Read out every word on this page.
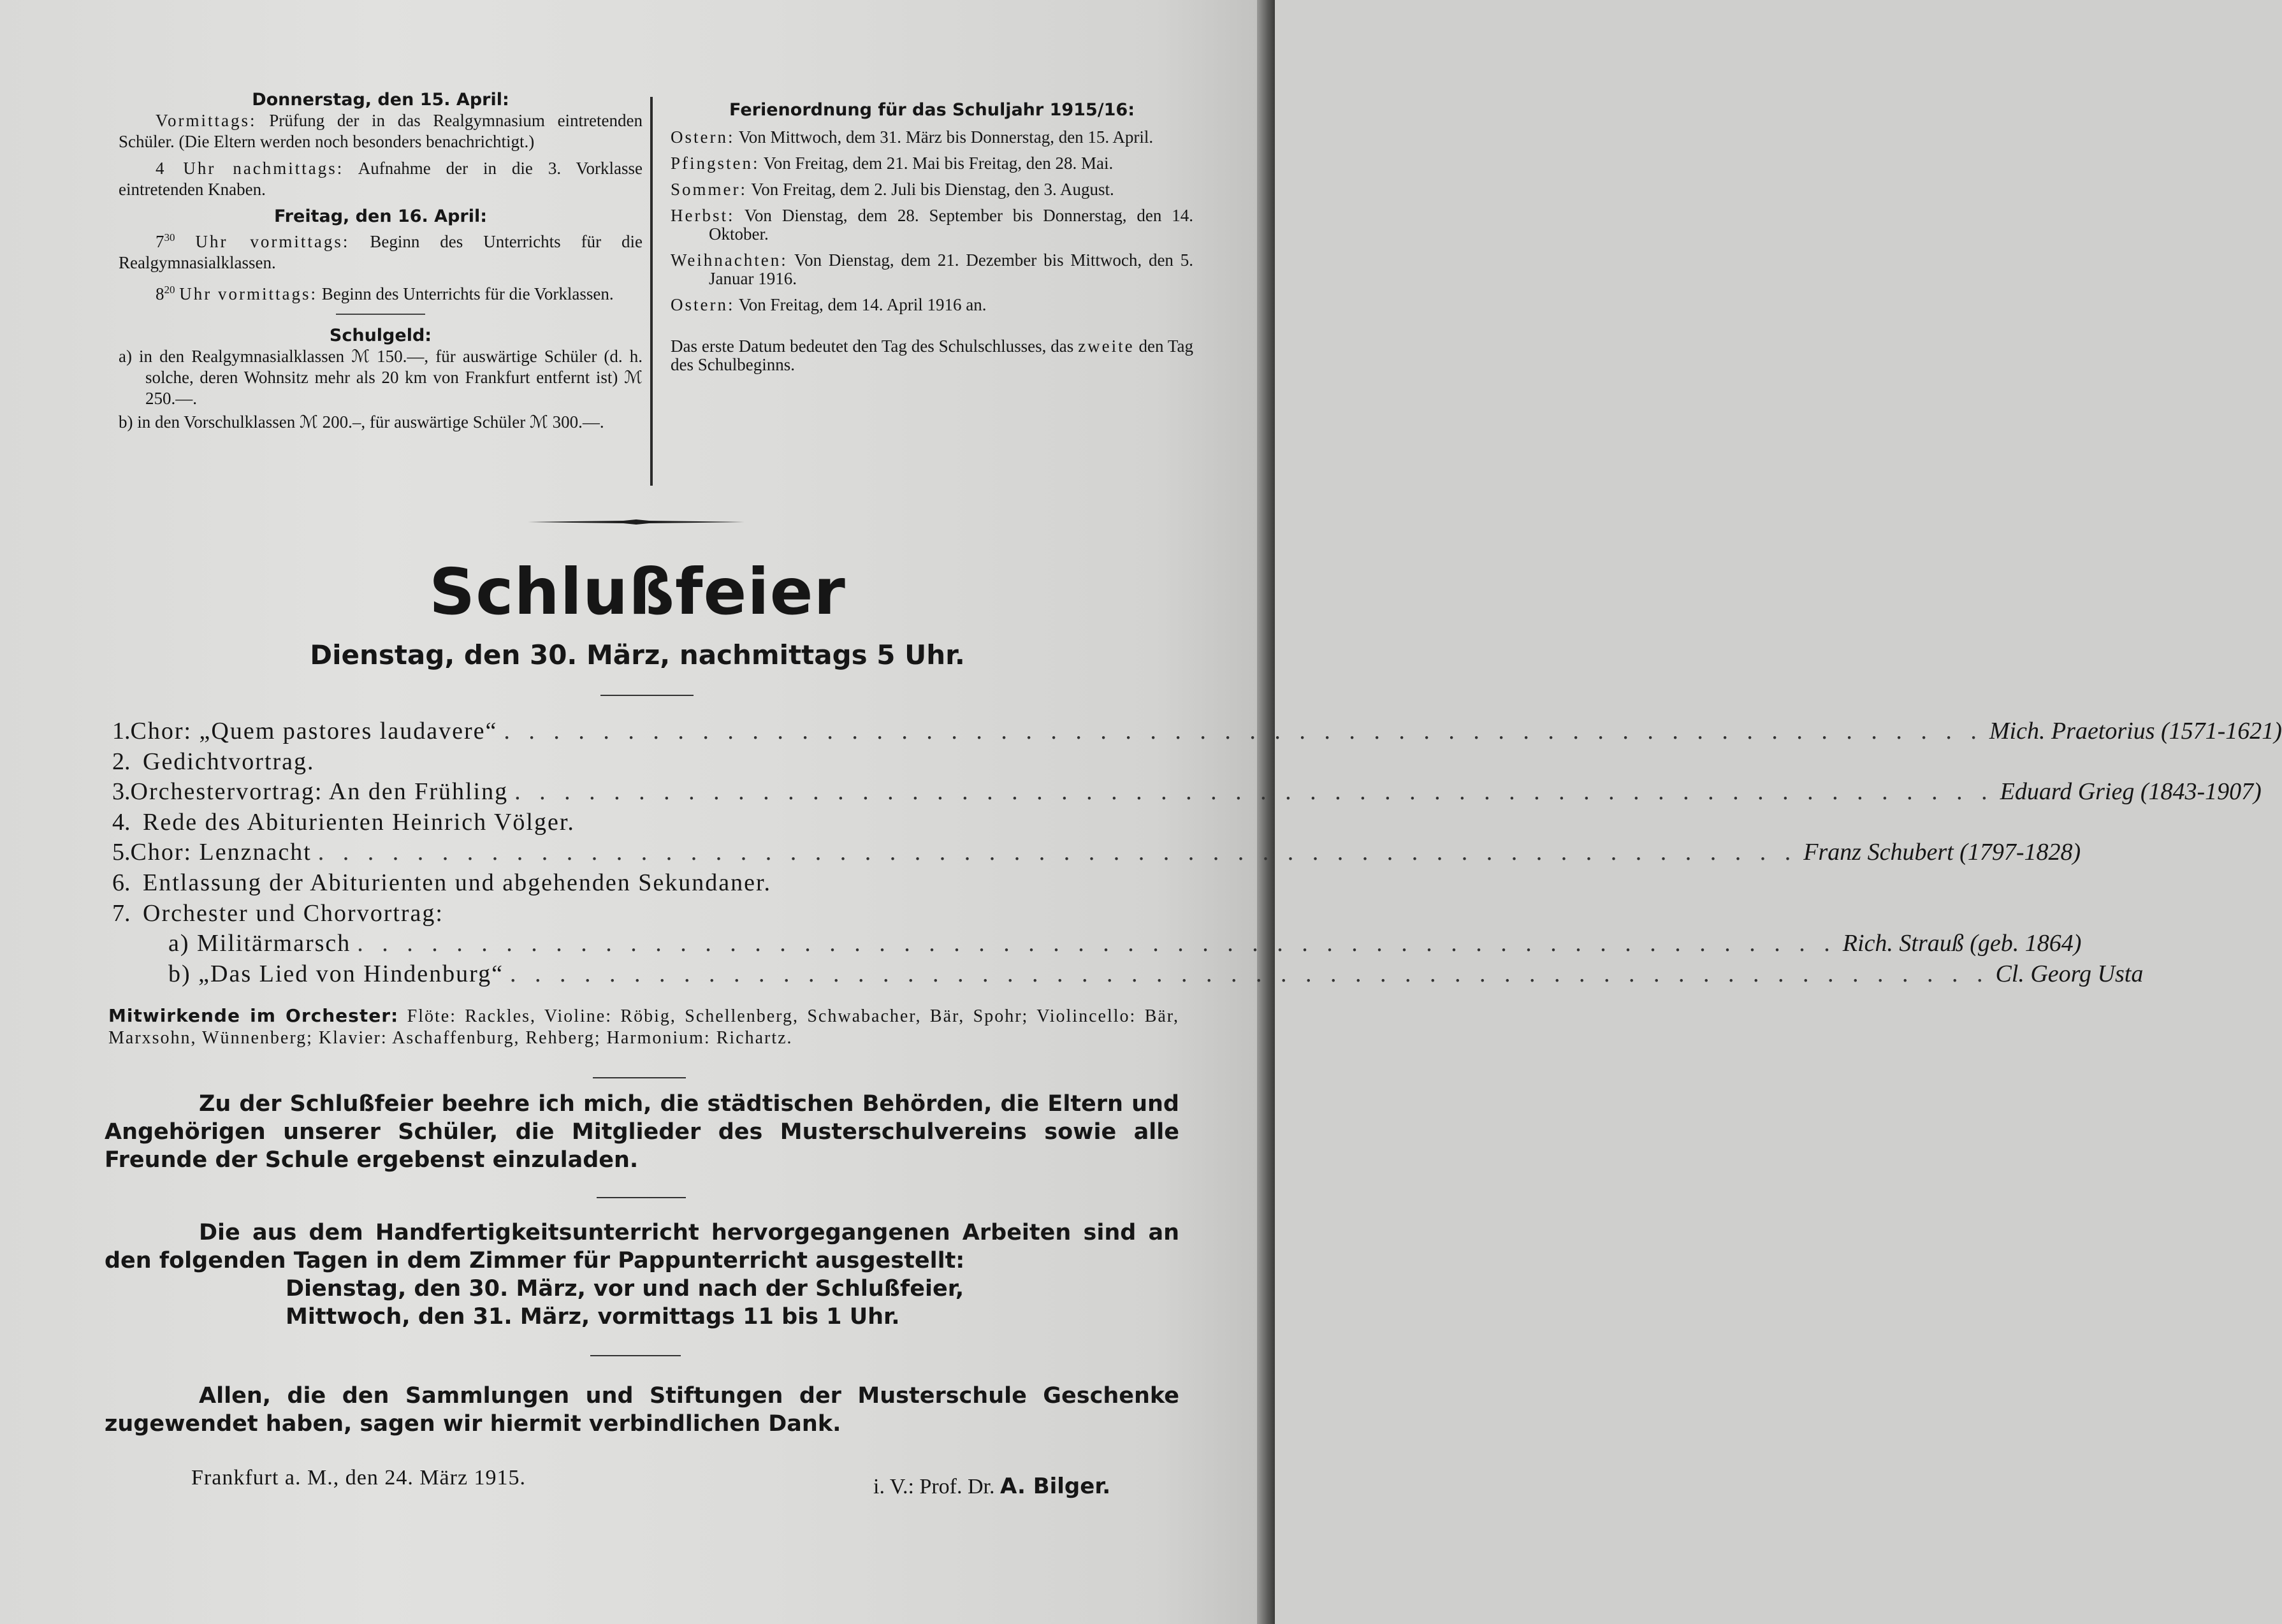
Donnerstag, den 15. April:

Vormittags: Prüfung der in das Realgymnasium eintretenden Schüler. (Die Eltern werden noch besonders benachrichtigt.)

4 Uhr nachmittags: Aufnahme der in die 3. Vorklasse eintretenden Knaben.

Freitag, den 16. April:

$7^{30}$ Uhr vormittags: Beginn des Unterrichts für die Realgymnasialklassen.

$8^{20}$ Uhr vormittags: Beginn des Unterrichts für die Vorklassen.

Schulgeld:

a) in den Realgymnasialklassen ℳ 150.—, für auswärtige Schüler (d. h. solche, deren Wohnsitz mehr als 20 km von Frankfurt entfernt ist) ℳ 250.—.

b) in den Vorschulklassen ℳ 200.–, für auswärtige Schüler ℳ 300.—.

Ferienordnung für das Schuljahr 1915/16:

Ostern: Von Mittwoch, dem 31. März bis Donnerstag, den 15. April.

Pfingsten: Von Freitag, dem 21. Mai bis Freitag, den 28. Mai.

Sommer: Von Freitag, dem 2. Juli bis Dienstag, den 3. August.

Herbst: Von Dienstag, dem 28. September bis Donnerstag, den 14. Oktober.

Weihnachten: Von Dienstag, dem 21. Dezember bis Mittwoch, den 5. Januar 1916.

Ostern: Von Freitag, dem 14. April 1916 an.

Das erste Datum bedeutet den Tag des Schulschlusses, das zweite den Tag des Schulbeginns.

Schlußfeier
Dienstag, den 30. März, nachmittags 5 Uhr.
1. Chor: „Quem pastores laudavere“ . . . . . . . . . . . . . . . . . . . . . . . . . . . . . . . . . . . . . . . . . . . . . . . . . . . . . . . . . . . . Mich. Praetorius (1571-1621)
2. Gedichtvortrag.
3. Orchestervortrag: An den Frühling . . . . . . . . . . . . . . . . . . . . . . . . . . . . . . . . . . . . . . . . . . . . . . . . . . . . . . . . . . . . Eduard Grieg (1843-1907)
4. Rede des Abiturienten Heinrich Völger.
5. Chor: Lenznacht . . . . . . . . . . . . . . . . . . . . . . . . . . . . . . . . . . . . . . . . . . . . . . . . . . . . . . . . . . . . Franz Schubert (1797-1828)
6. Entlassung der Abiturienten und abgehenden Sekundaner.
7. Orchester und Chorvortrag:
a) Militärmarsch . . . . . . . . . . . . . . . . . . . . . . . . . . . . . . . . . . . . . . . . . . . . . . . . . . . . . . . . . . . . Rich. Strauß (geb. 1864)
b) „Das Lied von Hindenburg“ . . . . . . . . . . . . . . . . . . . . . . . . . . . . . . . . . . . . . . . . . . . . . . . . . . . . . . . . . . . . Cl. Georg Usta
Mitwirkende im Orchester: Flöte: Rackles, Violine: Röbig, Schellenberg, Schwabacher, Bär, Spohr; Violincello: Bär, Marxsohn, Wünnenberg; Klavier: Aschaffenburg, Rehberg; Harmonium: Richartz.
Zu der Schlußfeier beehre ich mich, die städtischen Behörden, die Eltern und Angehörigen unserer Schüler, die Mitglieder des Musterschulvereins sowie alle Freunde der Schule ergebenst einzuladen.

Die aus dem Handfertigkeitsunterricht hervorgegangenen Arbeiten sind an den folgenden Tagen in dem Zimmer für Pappunterricht ausgestellt:

Dienstag, den 30. März, vor und nach der Schlußfeier,

Mittwoch, den 31. März, vormittags 11 bis 1 Uhr.

Allen, die den Sammlungen und Stiftungen der Musterschule Geschenke zugewendet haben, sagen wir hiermit verbindlichen Dank.
Frankfurt a. M., den 24. März 1915.	i. V.: Prof. Dr. A. Bilger.
